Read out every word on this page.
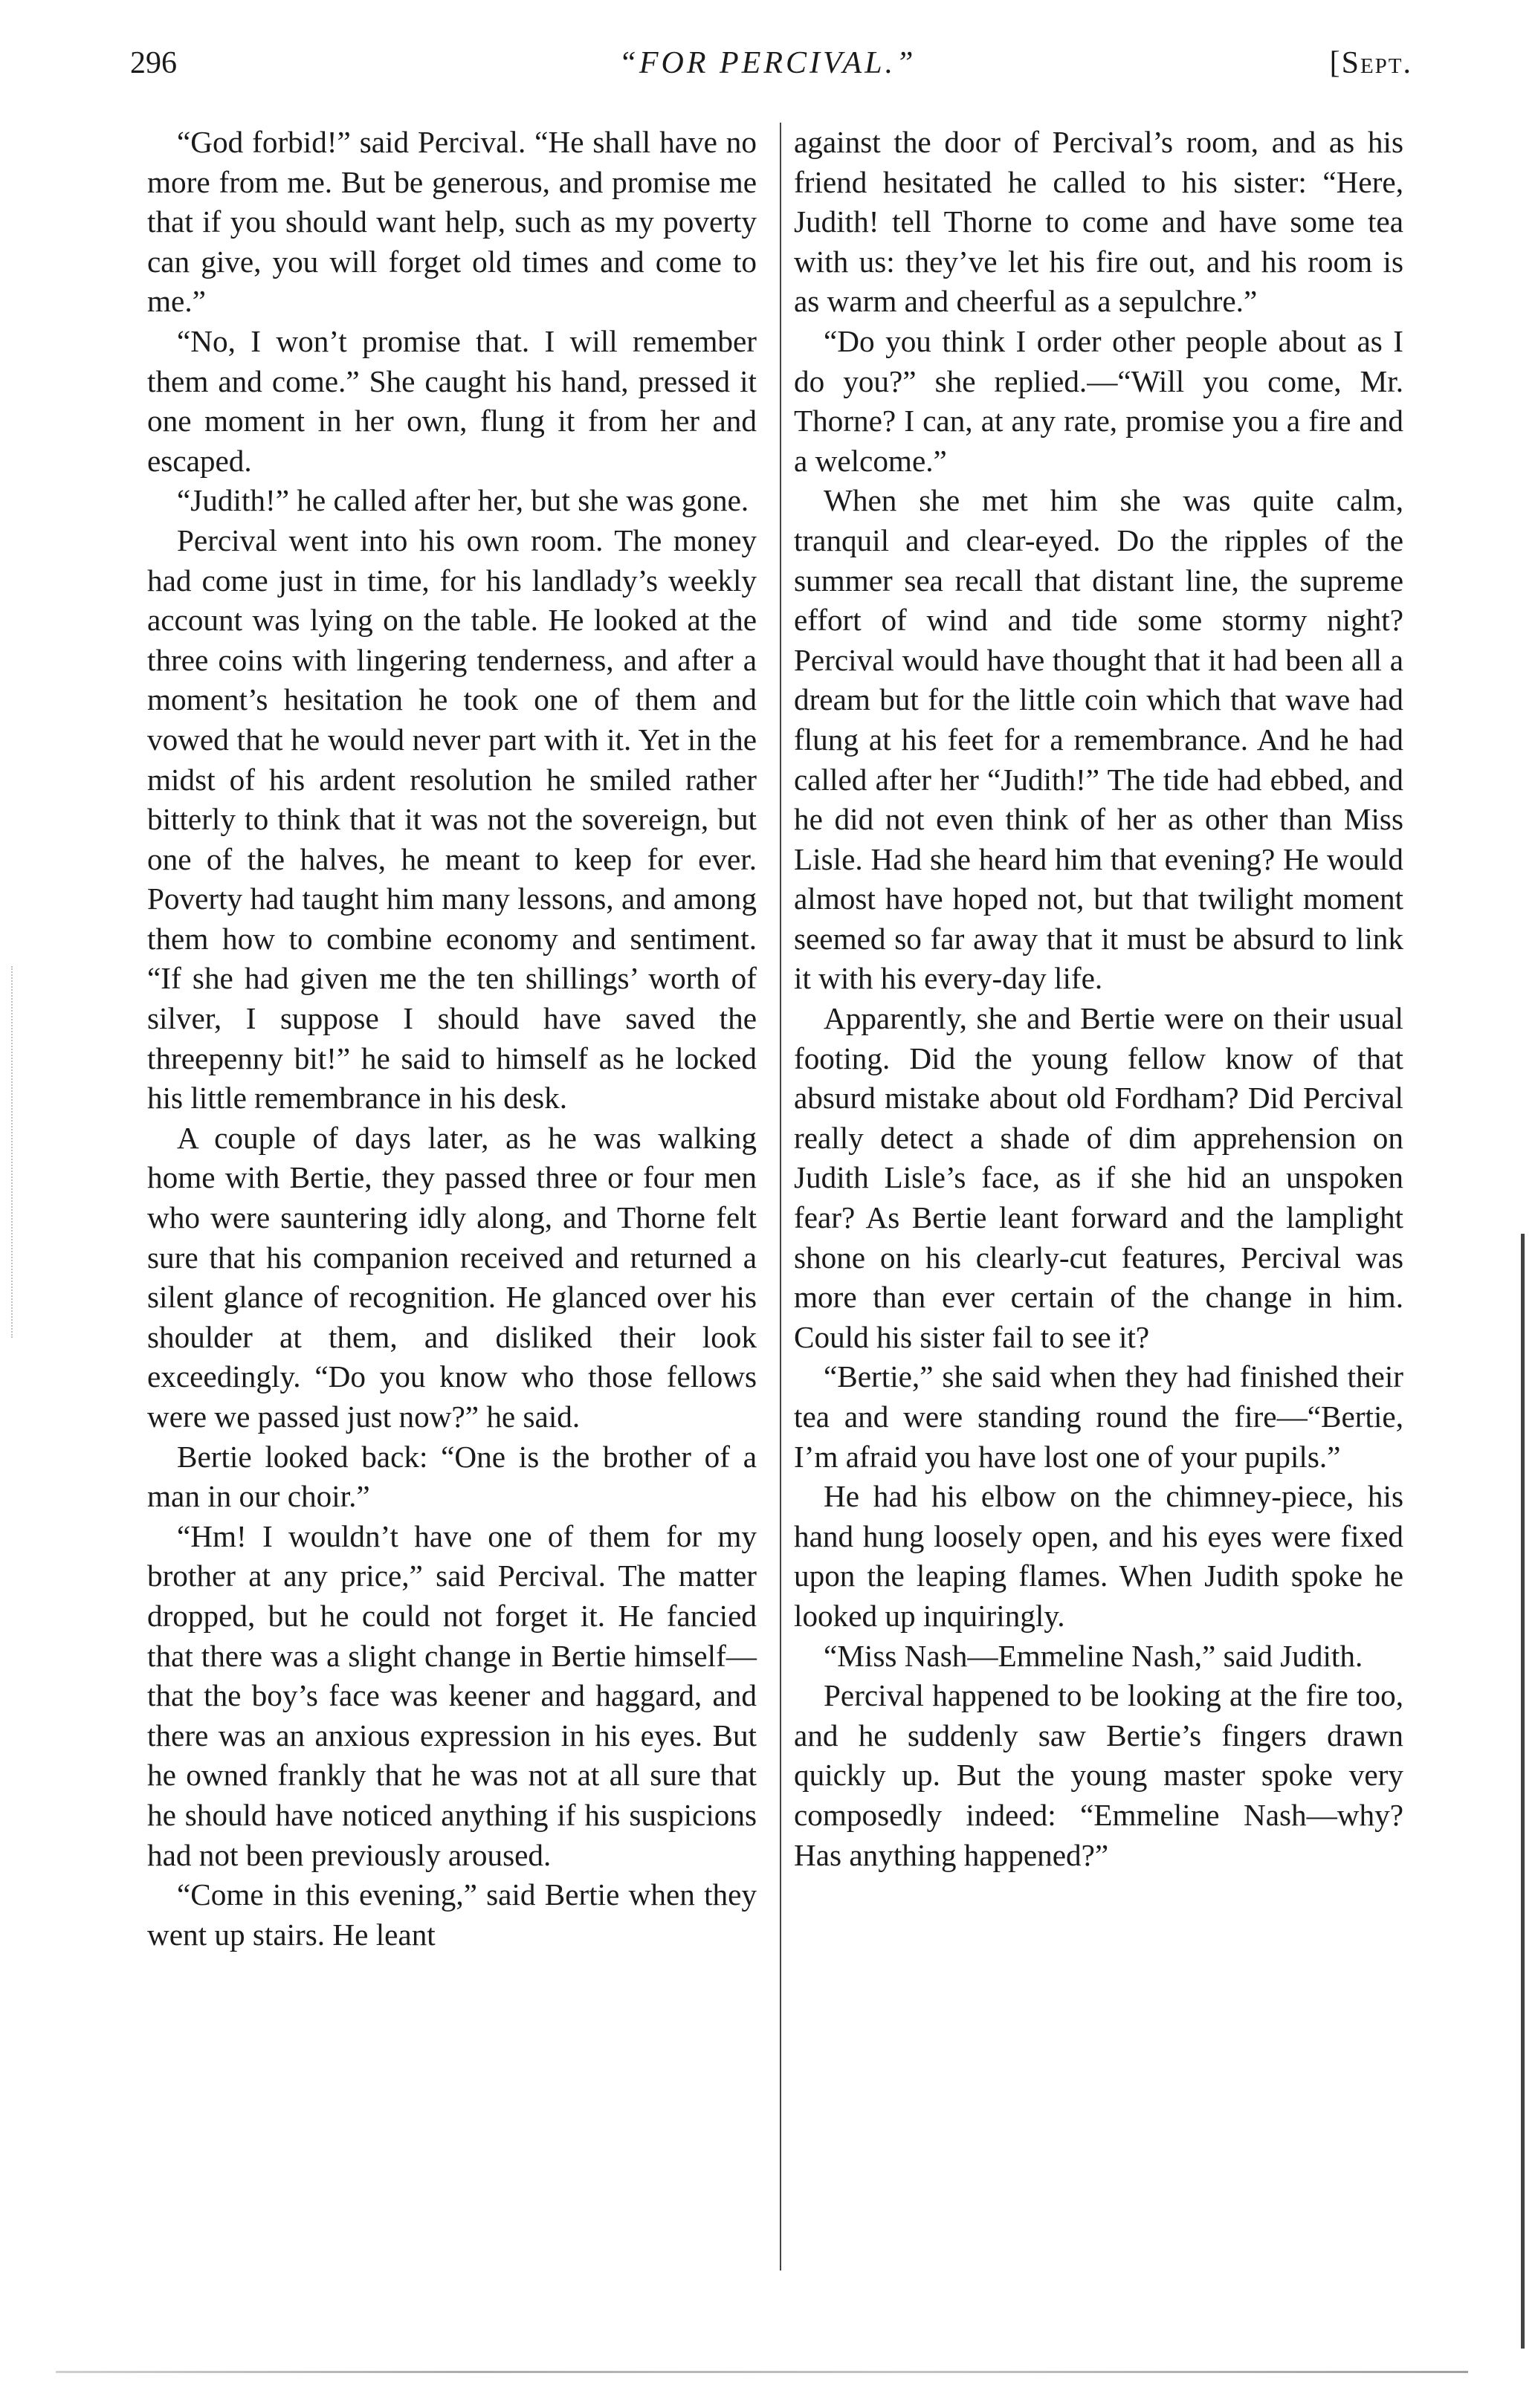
296	“FOR PERCIVAL.”	[Sept.

“God forbid!” said Percival. “He shall have no more from me. But be generous, and promise me that if you should want help, such as my poverty can give, you will forget old times and come to me.”

“No, I won’t promise that. I will remember them and come.” She caught his hand, pressed it one moment in her own, flung it from her and escaped.

“Judith!” he called after her, but she was gone.

Percival went into his own room. The money had come just in time, for his landlady’s weekly account was lying on the table. He looked at the three coins with lingering tenderness, and after a moment’s hesitation he took one of them and vowed that he would never part with it. Yet in the midst of his ardent resolution he smiled rather bitterly to think that it was not the sovereign, but one of the halves, he meant to keep for ever. Poverty had taught him many lessons, and among them how to combine economy and sentiment. “If she had given me the ten shillings’ worth of silver, I suppose I should have saved the threepenny bit!” he said to himself as he locked his little remembrance in his desk.

A couple of days later, as he was walking home with Bertie, they passed three or four men who were sauntering idly along, and Thorne felt sure that his companion received and returned a silent glance of recognition. He glanced over his shoulder at them, and disliked their look exceedingly. “Do you know who those fellows were we passed just now?” he said.

Bertie looked back: “One is the brother of a man in our choir.”

“Hm! I wouldn’t have one of them for my brother at any price,” said Percival. The matter dropped, but he could not forget it. He fancied that there was a slight change in Bertie himself—that the boy’s face was keener and haggard, and there was an anxious expression in his eyes. But he owned frankly that he was not at all sure that he should have noticed anything if his suspicions had not been previously aroused.

“Come in this evening,” said Bertie when they went up stairs. He leant

against the door of Percival’s room, and as his friend hesitated he called to his sister: “Here, Judith! tell Thorne to come and have some tea with us: they’ve let his fire out, and his room is as warm and cheerful as a sepulchre.”

“Do you think I order other people about as I do you?” she replied.—“Will you come, Mr. Thorne? I can, at any rate, promise you a fire and a welcome.”

When she met him she was quite calm, tranquil and clear-eyed. Do the ripples of the summer sea recall that distant line, the supreme effort of wind and tide some stormy night? Percival would have thought that it had been all a dream but for the little coin which that wave had flung at his feet for a remembrance. And he had called after her “Judith!” The tide had ebbed, and he did not even think of her as other than Miss Lisle. Had she heard him that evening? He would almost have hoped not, but that twilight moment seemed so far away that it must be absurd to link it with his every-day life.

Apparently, she and Bertie were on their usual footing. Did the young fellow know of that absurd mistake about old Fordham? Did Percival really detect a shade of dim apprehension on Judith Lisle’s face, as if she hid an unspoken fear? As Bertie leant forward and the lamplight shone on his clearly-cut features, Percival was more than ever certain of the change in him. Could his sister fail to see it?

“Bertie,” she said when they had finished their tea and were standing round the fire—“Bertie, I’m afraid you have lost one of your pupils.”

He had his elbow on the chimney-piece, his hand hung loosely open, and his eyes were fixed upon the leaping flames. When Judith spoke he looked up inquiringly.

“Miss Nash—Emmeline Nash,” said Judith.

Percival happened to be looking at the fire too, and he suddenly saw Bertie’s fingers drawn quickly up. But the young master spoke very composedly indeed: “Emmeline Nash—why? Has anything happened?”
